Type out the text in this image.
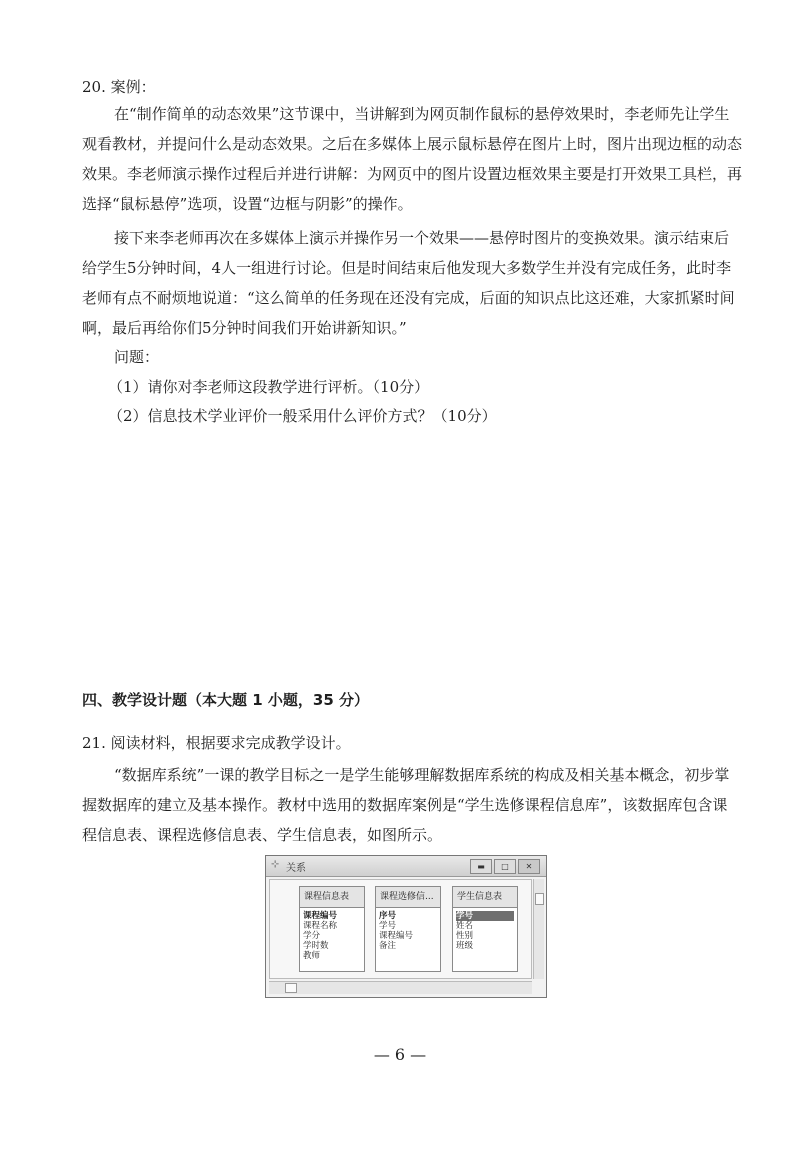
20. 案例：

在“制作简单的动态效果”这节课中，当讲解到为网页制作鼠标的悬停效果时，李老师先让学生观看教材，并提问什么是动态效果。之后在多媒体上展示鼠标悬停在图片上时，图片出现边框的动态效果。李老师演示操作过程后并进行讲解：为网页中的图片设置边框效果主要是打开效果工具栏，再选择“鼠标悬停”选项，设置“边框与阴影”的操作。

接下来李老师再次在多媒体上演示并操作另一个效果——悬停时图片的变换效果。演示结束后给学生5分钟时间，4人一组进行讨论。但是时间结束后他发现大多数学生并没有完成任务，此时李老师有点不耐烦地说道：“这么简单的任务现在还没有完成，后面的知识点比这还难，大家抓紧时间啊，最后再给你们5分钟时间我们开始讲新知识。”

问题：

（1）请你对李老师这段教学进行评析。（10分）

（2）信息技术学业评价一般采用什么评价方式？（10分）

四、教学设计题（本大题 1 小题，35 分）

21. 阅读材料，根据要求完成教学设计。

“数据库系统”一课的教学目标之一是学生能够理解数据库系统的构成及相关基本概念，初步掌握数据库的建立及基本操作。教材中选用的数据库案例是“学生选修课程信息库”，该数据库包含课程信息表、课程选修信息表、学生信息表，如图所示。

⊹ 关系	▬	□	✕
课程信息表
课程编号
课程名称
学分
学时数
教师
课程选修信...
序号
学号
课程编号
备注
学生信息表
学号
姓名
性别
班级
— 6 —
